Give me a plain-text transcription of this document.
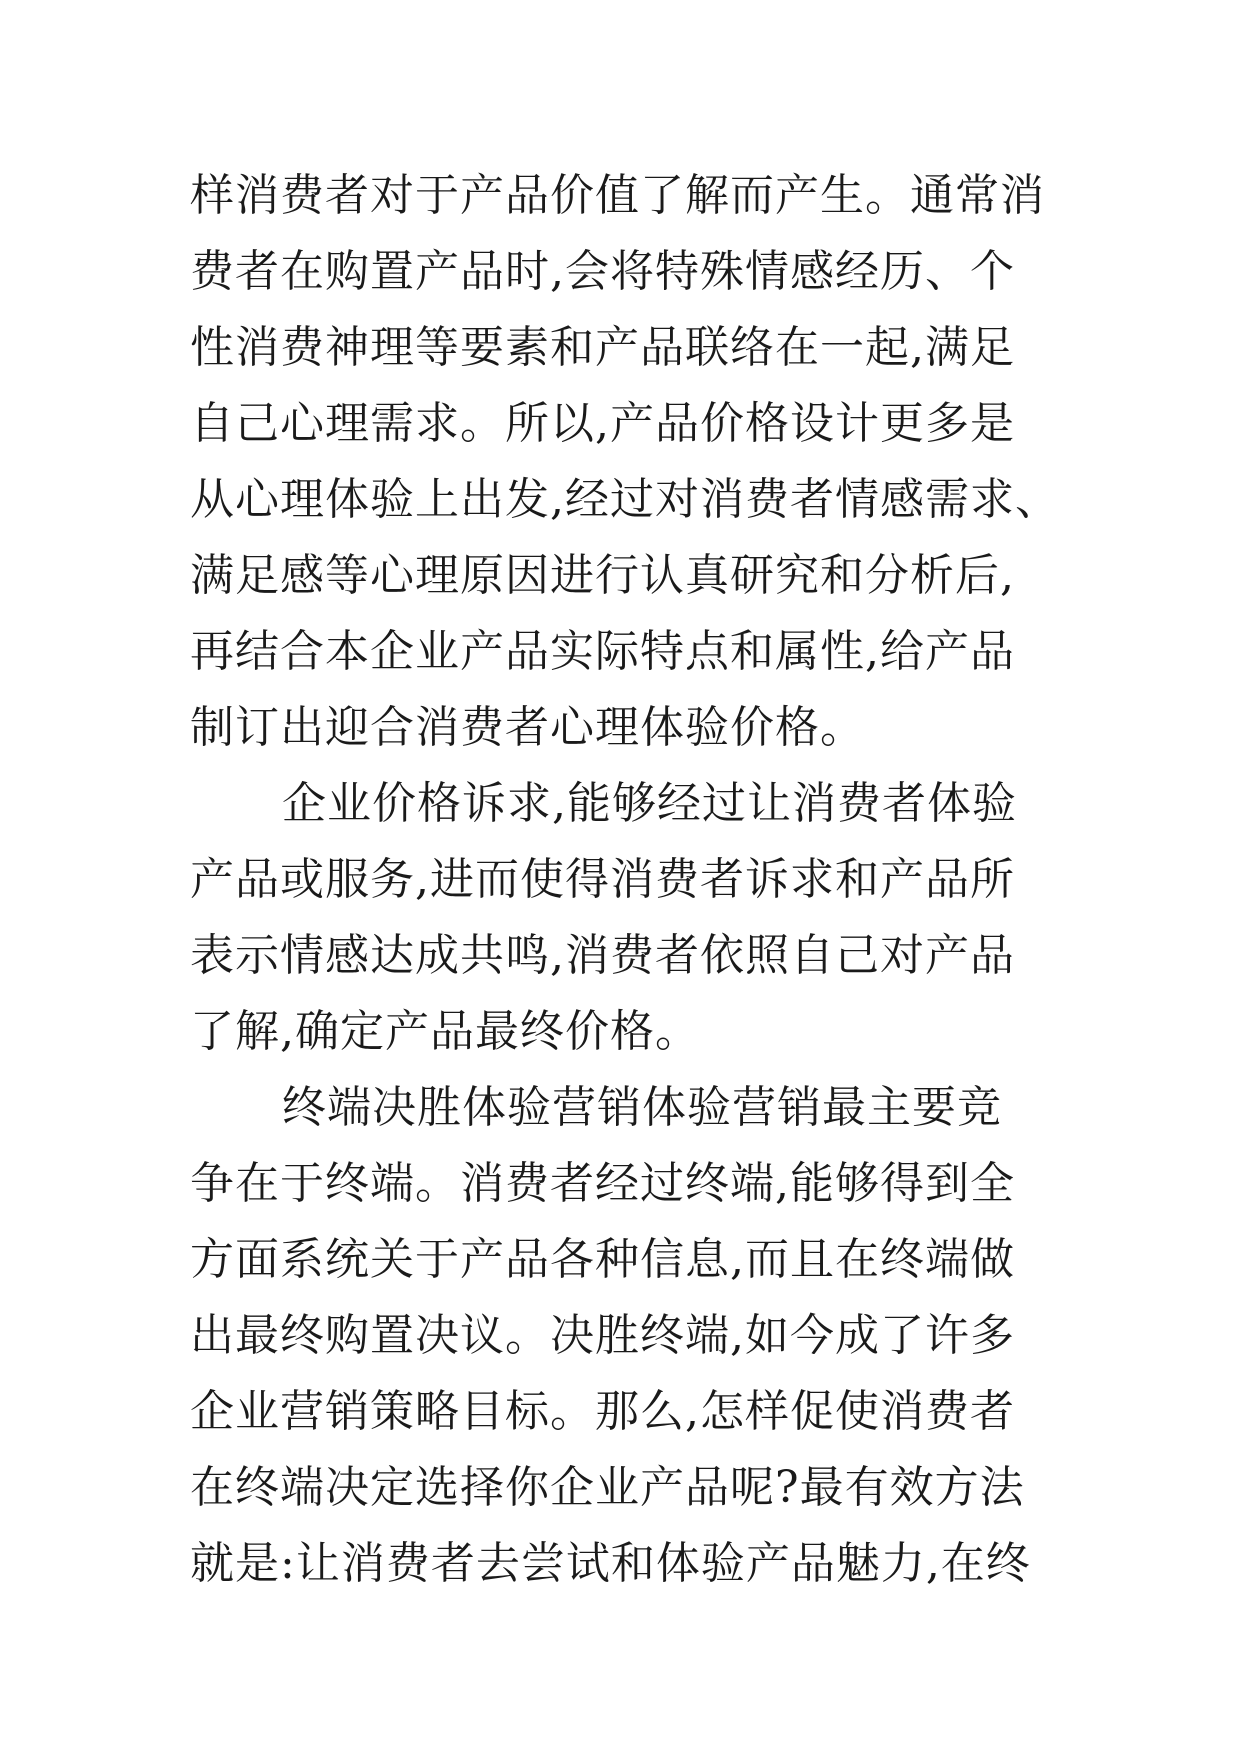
样消费者对于产品价值了解而产生。通常消
费者在购置产品时,会将特殊情感经历、个
性消费神理等要素和产品联络在一起,满足
自己心理需求。所以,产品价格设计更多是
从心理体验上出发,经过对消费者情感需求、
满足感等心理原因进行认真研究和分析后,
再结合本企业产品实际特点和属性,给产品
制订出迎合消费者心理体验价格。
企业价格诉求,能够经过让消费者体验
产品或服务,进而使得消费者诉求和产品所
表示情感达成共鸣,消费者依照自己对产品
了解,确定产品最终价格。
终端决胜体验营销体验营销最主要竞
争在于终端。消费者经过终端,能够得到全
方面系统关于产品各种信息,而且在终端做
出最终购置决议。决胜终端,如今成了许多
企业营销策略目标。那么,怎样促使消费者
在终端决定选择你企业产品呢?最有效方法
就是:让消费者去尝试和体验产品魅力,在终
